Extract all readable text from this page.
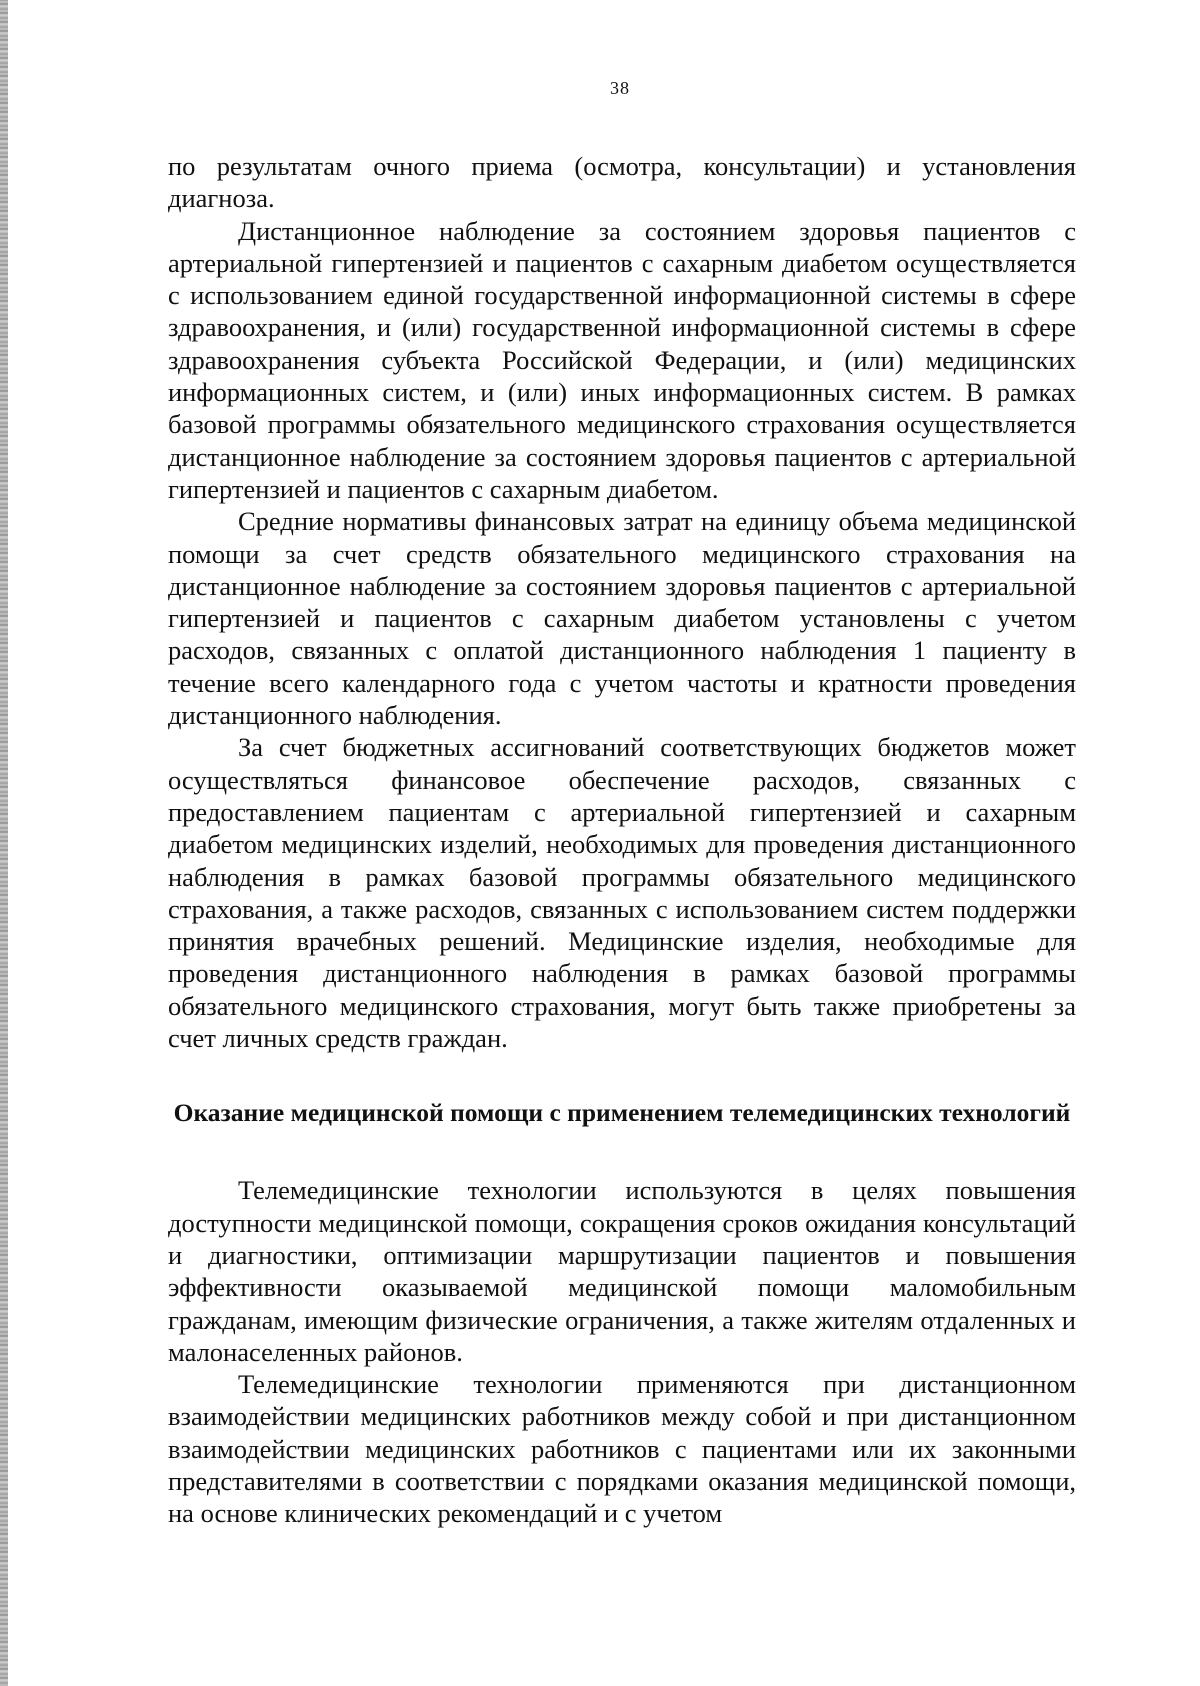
38

по результатам очного приема (осмотра, консультации) и установления диагноза.

Дистанционное наблюдение за состоянием здоровья пациентов с артериальной гипертензией и пациентов с сахарным диабетом осуществляется с использованием единой государственной информационной системы в сфере здравоохранения, и (или) государственной информационной системы в сфере здравоохранения субъекта Российской Федерации, и (или) медицинских информационных систем, и (или) иных информационных систем. В рамках базовой программы обязательного медицинского страхования осуществляется дистанционное наблюдение за состоянием здоровья пациентов с артериальной гипертензией и пациентов с сахарным диабетом.

Средние нормативы финансовых затрат на единицу объема медицинской помощи за счет средств обязательного медицинского страхования на дистанционное наблюдение за состоянием здоровья пациентов с артериальной гипертензией и пациентов с сахарным диабетом установлены с учетом расходов, связанных с оплатой дистанционного наблюдения 1 пациенту в течение всего календарного года с учетом частоты и кратности проведения дистанционного наблюдения.

За счет бюджетных ассигнований соответствующих бюджетов может осуществляться финансовое обеспечение расходов, связанных с предоставлением пациентам с артериальной гипертензией и сахарным диабетом медицинских изделий, необходимых для проведения дистанционного наблюдения в рамках базовой программы обязательного медицинского страхования, а также расходов, связанных с использованием систем поддержки принятия врачебных решений. Медицинские изделия, необходимые для проведения дистанционного наблюдения в рамках базовой программы обязательного медицинского страхования, могут быть также приобретены за счет личных средств граждан.

Оказание медицинской помощи с применением телемедицинских технологий

Телемедицинские технологии используются в целях повышения доступности медицинской помощи, сокращения сроков ожидания консультаций и диагностики, оптимизации маршрутизации пациентов и повышения эффективности оказываемой медицинской помощи маломобильным гражданам, имеющим физические ограничения, а также жителям отдаленных и малонаселенных районов.

Телемедицинские технологии применяются при дистанционном взаимодействии медицинских работников между собой и при дистанционном взаимодействии медицинских работников с пациентами или их законными представителями в соответствии с порядками оказания медицинской помощи, на основе клинических рекомендаций и с учетом
